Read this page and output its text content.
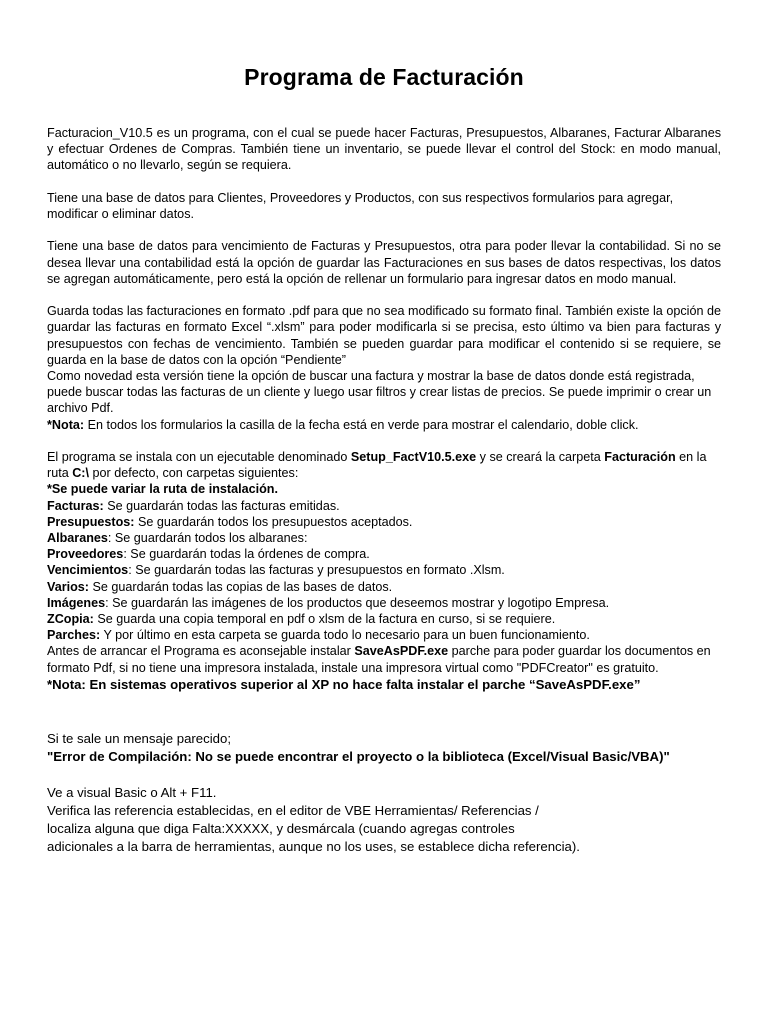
Programa de Facturación

Facturacion_V10.5 es un programa, con el cual se puede hacer Facturas, Presupuestos, Albaranes, Facturar Albaranes y efectuar Ordenes de Compras. También tiene un inventario, se puede llevar el control del Stock: en modo manual, automático o no llevarlo, según se requiera.

Tiene una base de datos para Clientes, Proveedores y Productos, con sus respectivos formularios para agregar, modificar o eliminar datos.

Tiene una base de datos para vencimiento de Facturas y Presupuestos, otra para poder llevar la contabilidad. Si no se desea llevar una contabilidad está la opción de guardar las Facturaciones en sus bases de datos respectivas, los datos se agregan automáticamente, pero está la opción de rellenar un formulario para ingresar datos en modo manual.

Guarda todas las facturaciones en formato .pdf para que no sea modificado su formato final. También existe la opción de guardar las facturas en formato Excel “.xlsm” para poder modificarla si se precisa, esto último va bien para facturas y presupuestos con fechas de vencimiento. También se pueden guardar para modificar el contenido si se requiere, se guarda en la base de datos con la opción “Pendiente”

Como novedad esta versión tiene la opción de buscar una factura y mostrar la base de datos donde está registrada,

puede buscar todas las facturas de un cliente y luego usar filtros y crear listas de precios. Se puede imprimir o crear un archivo Pdf.

*Nota: En todos los formularios la casilla de la fecha está en verde para mostrar el calendario, doble click.

El programa se instala con un ejecutable denominado Setup_FactV10.5.exe y se creará la carpeta Facturación en la ruta C:\ por defecto, con carpetas siguientes:

*Se puede variar la ruta de instalación.

Facturas: Se guardarán todas las facturas emitidas.

Presupuestos: Se guardarán todos los presupuestos aceptados.

Albaranes: Se guardarán todos los albaranes:

Proveedores: Se guardarán todas la órdenes de compra.

Vencimientos: Se guardarán todas las facturas y presupuestos en formato .Xlsm.

Varios: Se guardarán todas las copias de las bases de datos.

Imágenes: Se guardarán las imágenes de los productos que deseemos mostrar y logotipo Empresa.

ZCopia: Se guarda una copia temporal en pdf o xlsm de la factura en curso, si se requiere.

Parches: Y por último en esta carpeta se guarda todo lo necesario para un buen funcionamiento.

Antes de arrancar el Programa es aconsejable instalar SaveAsPDF.exe parche para poder guardar los documentos en formato Pdf, si no tiene una impresora instalada, instale una impresora virtual como "PDFCreator" es gratuito.

*Nota: En sistemas operativos superior al XP no hace falta instalar el parche “SaveAsPDF.exe”

Si te sale un mensaje parecido;

"Error de Compilación: No se puede encontrar el proyecto o la biblioteca (Excel/Visual Basic/VBA)"

Ve a visual Basic o Alt + F11.

Verifica las referencia establecidas, en el editor de VBE Herramientas/ Referencias /

localiza alguna que diga Falta:XXXXX, y desmárcala (cuando agregas controles

adicionales a la barra de herramientas, aunque no los uses, se establece dicha referencia).
